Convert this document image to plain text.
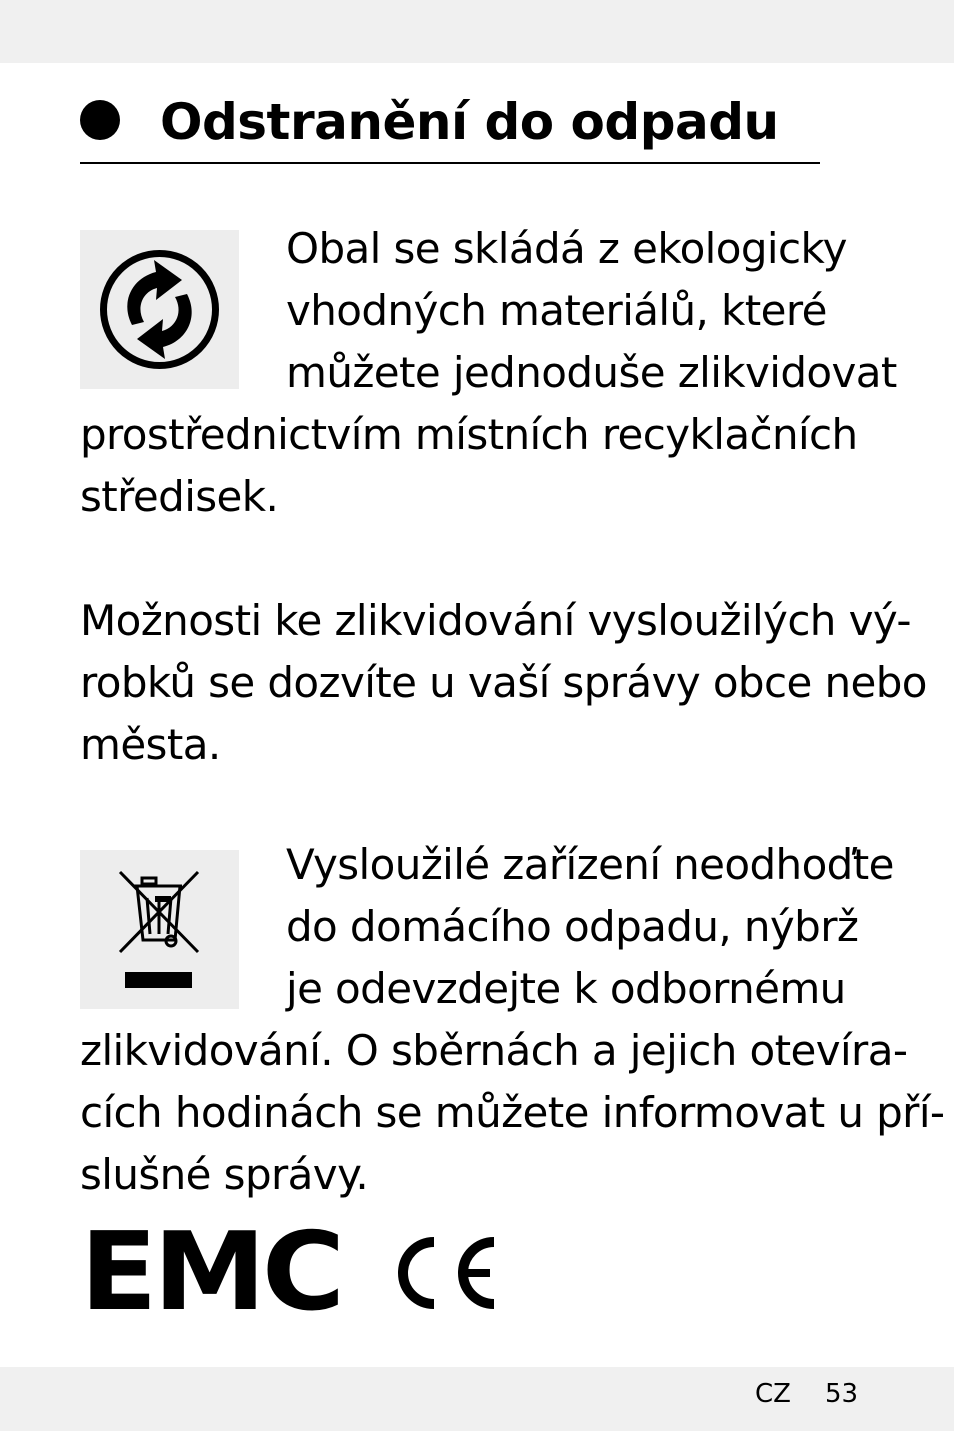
Odstranění do odpadu
Obal se skládá z ekologicky
vhodných materiálů, které
můžete jednoduše zlikvidovat
prostřednictvím místních recyklačních
středisek.
Možnosti ke zlikvidování vysloužilých vý-
robků se dozvíte u vaší správy obce nebo
města.
Vysloužilé zařízení neodhoďte
do domácího odpadu, nýbrž
je odevzdejte k odbornému
zlikvidování. O sběrnách a jejich otevíra-
cích hodinách se můžete informovat u pří-
slušné správy.
EMC
CZ 53
